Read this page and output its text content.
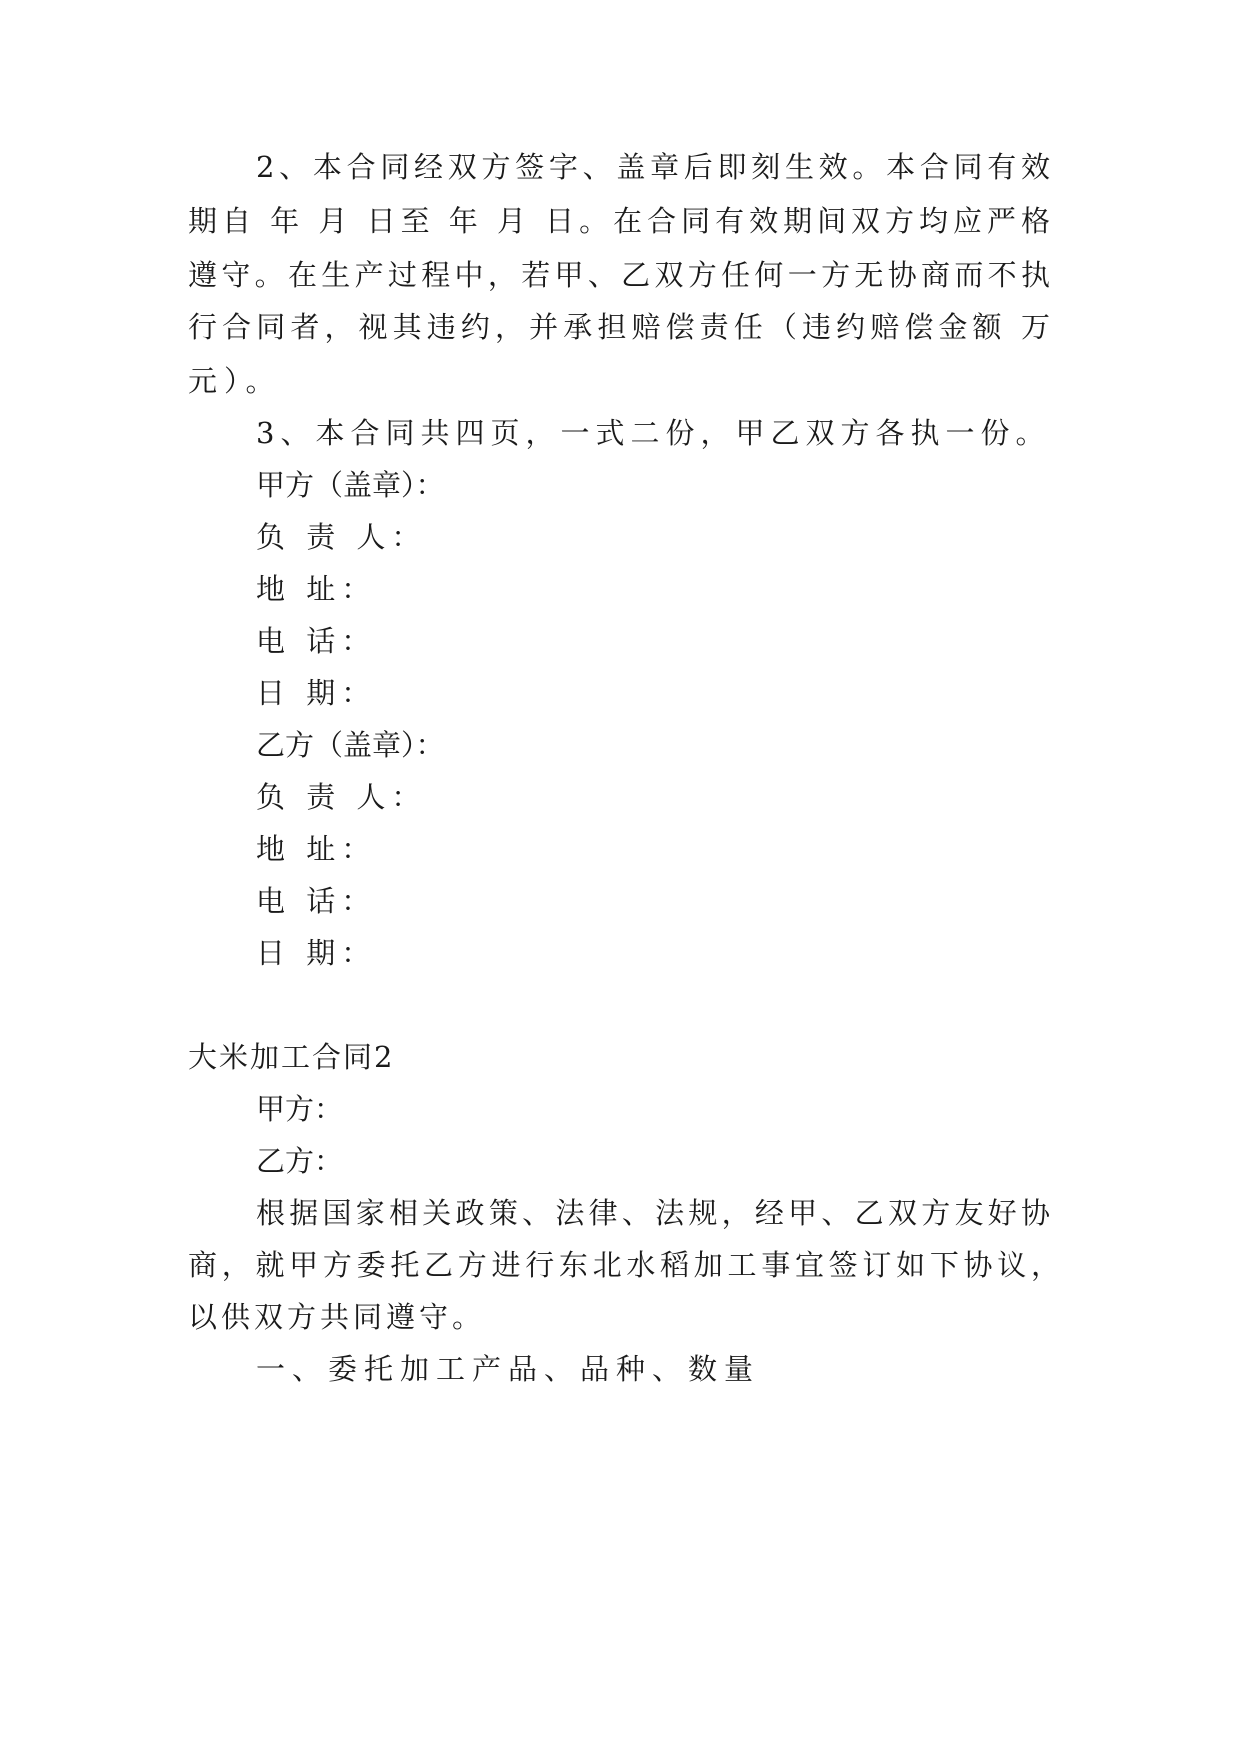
2、本合同经双方签字、盖章后即刻生效。本合同有效
期自 年 月 日至 年 月 日。在合同有效期间双方均应严格
遵守。在生产过程中，若甲、乙双方任何一方无协商而不执
行合同者，视其违约，并承担赔偿责任（违约赔偿金额 万
元）。
3、本合同共四页，一式二份，甲乙双方各执一份。
甲方（盖章）：
负 责 人：
地 址：
电 话：
日 期：
乙方（盖章）：
负 责 人：
地 址：
电 话：
日 期：
大米加工合同2
甲方：
乙方：
根据国家相关政策、法律、法规，经甲、乙双方友好协
商，就甲方委托乙方进行东北水稻加工事宜签订如下协议，
以供双方共同遵守。
一、委托加工产品、品种、数量
